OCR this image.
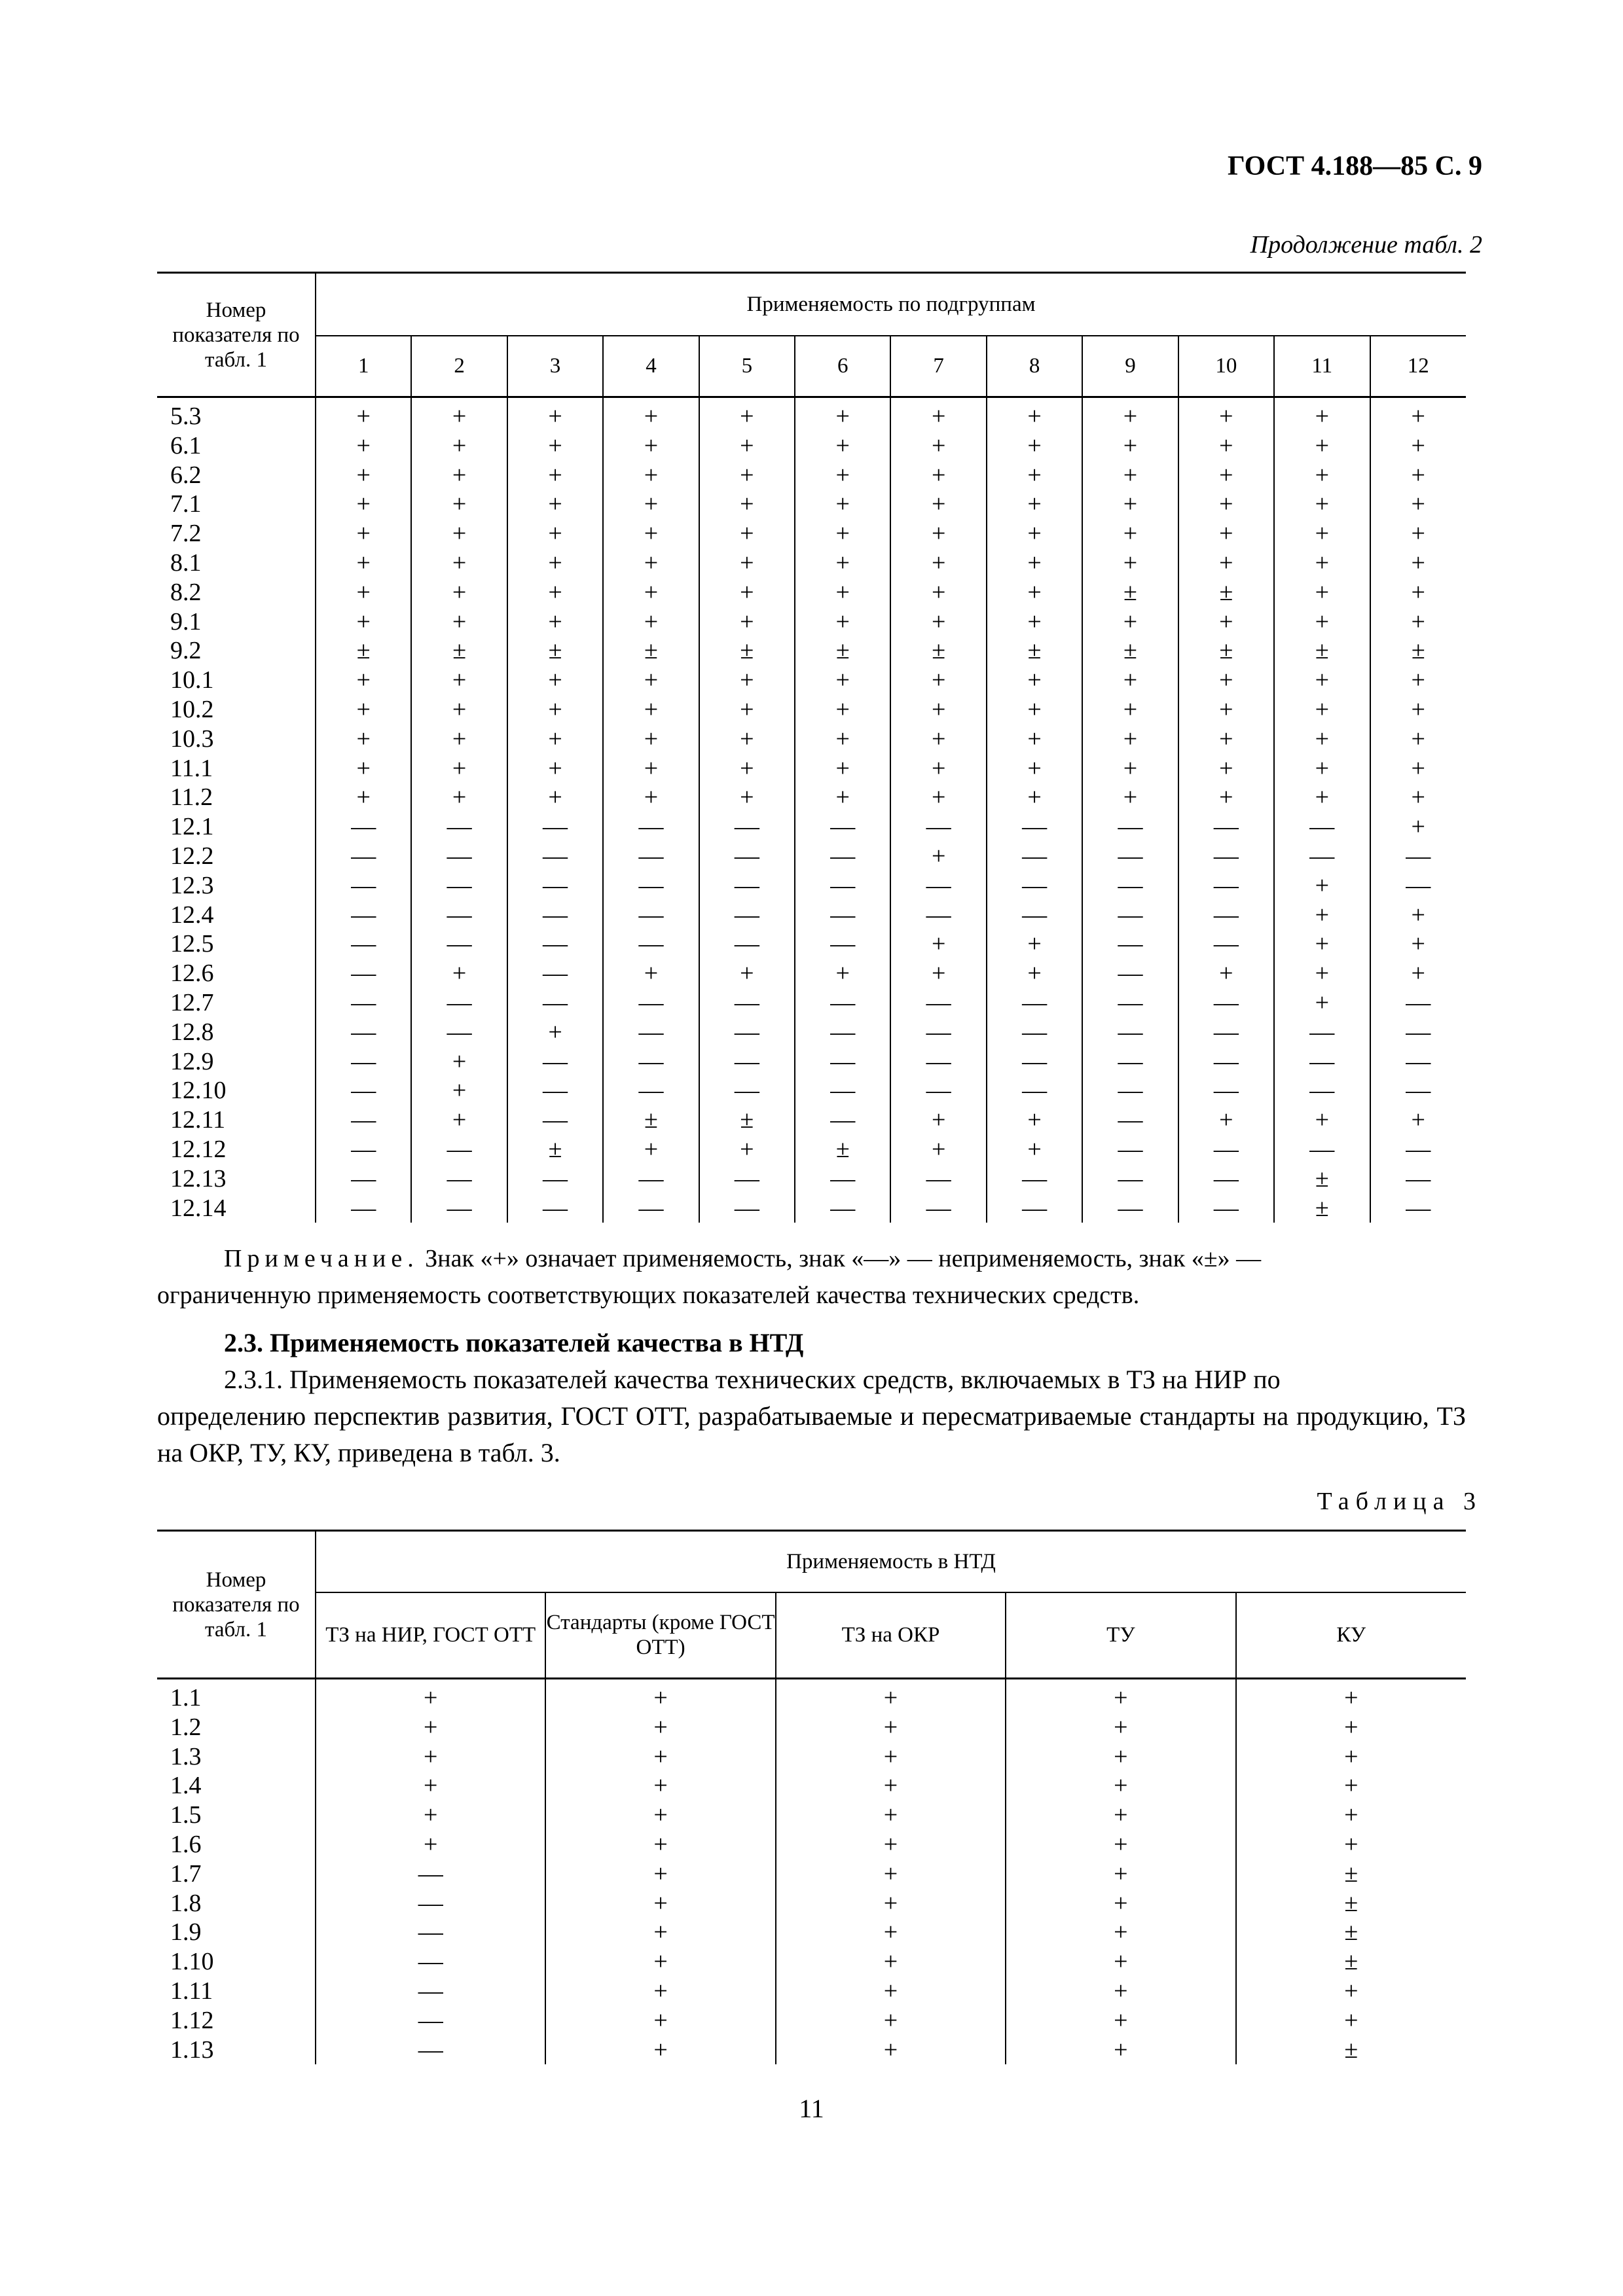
ГОСТ 4.188—85 С. 9
Продолжение табл. 2
Номер показателя по табл. 1	Применяемость по подгруппам											
	1	2	3	4	5	6	7	8	9	10	11	12
5.3	+	+	+	+	+	+	+	+	+	+	+	+
6.1	+	+	+	+	+	+	+	+	+	+	+	+
6.2	+	+	+	+	+	+	+	+	+	+	+	+
7.1	+	+	+	+	+	+	+	+	+	+	+	+
7.2	+	+	+	+	+	+	+	+	+	+	+	+
8.1	+	+	+	+	+	+	+	+	+	+	+	+
8.2	+	+	+	+	+	+	+	+	±	±	+	+
9.1	+	+	+	+	+	+	+	+	+	+	+	+
9.2	±	±	±	±	±	±	±	±	±	±	±	±
10.1	+	+	+	+	+	+	+	+	+	+	+	+
10.2	+	+	+	+	+	+	+	+	+	+	+	+
10.3	+	+	+	+	+	+	+	+	+	+	+	+
11.1	+	+	+	+	+	+	+	+	+	+	+	+
11.2	+	+	+	+	+	+	+	+	+	+	+	+
12.1	—	—	—	—	—	—	—	—	—	—	—	+
12.2	—	—	—	—	—	—	+	—	—	—	—	—
12.3	—	—	—	—	—	—	—	—	—	—	+	—
12.4	—	—	—	—	—	—	—	—	—	—	+	+
12.5	—	—	—	—	—	—	+	+	—	—	+	+
12.6	—	+	—	+	+	+	+	+	—	+	+	+
12.7	—	—	—	—	—	—	—	—	—	—	+	—
12.8	—	—	+	—	—	—	—	—	—	—	—	—
12.9	—	+	—	—	—	—	—	—	—	—	—	—
12.10	—	+	—	—	—	—	—	—	—	—	—	—
12.11	—	+	—	±	±	—	+	+	—	+	+	+
12.12	—	—	±	+	+	±	+	+	—	—	—	—
12.13	—	—	—	—	—	—	—	—	—	—	±	—
12.14	—	—	—	—	—	—	—	—	—	—	±	—
Примечание. Знак «+» означает применяемость, знак «—» — неприменяемость, знак «±» —
ограниченную применяемость соответствующих показателей качества технических средств.
2.3. Применяемость показателей качества в НТД
2.3.1. Применяемость показателей качества технических средств, включаемых в ТЗ на НИР по
определению перспектив развития, ГОСТ ОТТ, разрабатываемые и пересматриваемые стандарты на продукцию, ТЗ на ОКР, ТУ, КУ, приведена в табл. 3.
Таблица 3
Номер показателя по табл. 1	Применяемость в НТД				
	ТЗ на НИР, ГОСТ ОТТ	Стандарты (кроме ГОСТ ОТТ)	ТЗ на ОКР	ТУ	КУ
1.1	+	+	+	+	+
1.2	+	+	+	+	+
1.3	+	+	+	+	+
1.4	+	+	+	+	+
1.5	+	+	+	+	+
1.6	+	+	+	+	+
1.7	—	+	+	+	±
1.8	—	+	+	+	±
1.9	—	+	+	+	±
1.10	—	+	+	+	±
1.11	—	+	+	+	+
1.12	—	+	+	+	+
1.13	—	+	+	+	±
11
